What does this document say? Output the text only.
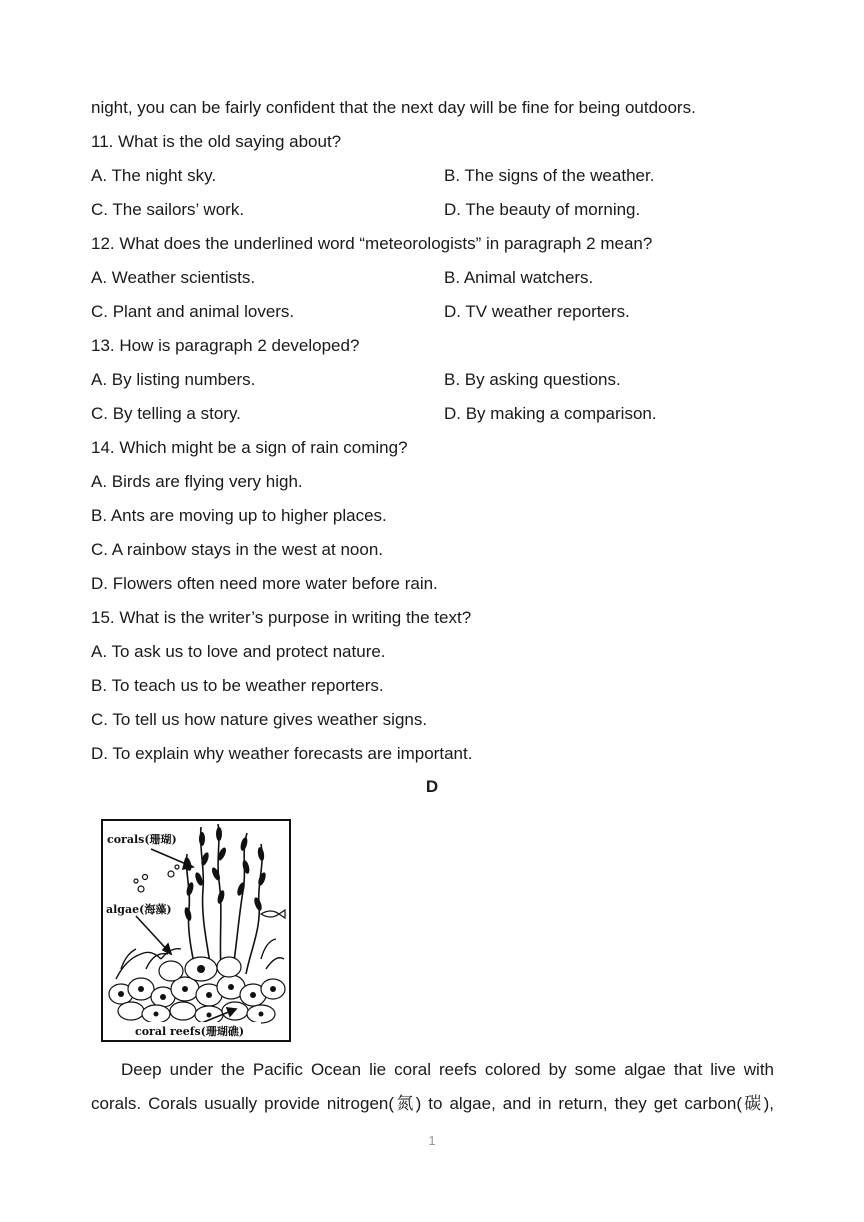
night, you can be fairly confident that the next day will be fine for being outdoors.
11. What is the old saying about?
A. The night sky.	B. The signs of the weather.
C. The sailors’ work.	D. The beauty of morning.
12. What does the underlined word “meteorologists” in paragraph 2 mean?
A. Weather scientists.	B. Animal watchers.
C. Plant and animal lovers.	D. TV weather reporters.
13. How is paragraph 2 developed?
A. By listing numbers.	B. By asking questions.
C. By telling a story.	D. By making a comparison.
14. Which might be a sign of rain coming?
A. Birds are flying very high.
B. Ants are moving up to higher places.
C. A rainbow stays in the west at noon.
D. Flowers often need more water before rain.
15. What is the writer’s purpose in writing the text?
A. To ask us to love and protect nature.
B. To teach us to be weather reporters.
C. To tell us how nature gives weather signs.
D. To explain why weather forecasts are important.
D
corals(珊瑚)
algae(海藻)
coral reefs(珊瑚礁)
Deep under the Pacific Ocean lie coral reefs colored by some algae that live with
corals. Corals usually provide nitrogen(氮) to algae, and in return, they get carbon(碳),
1
